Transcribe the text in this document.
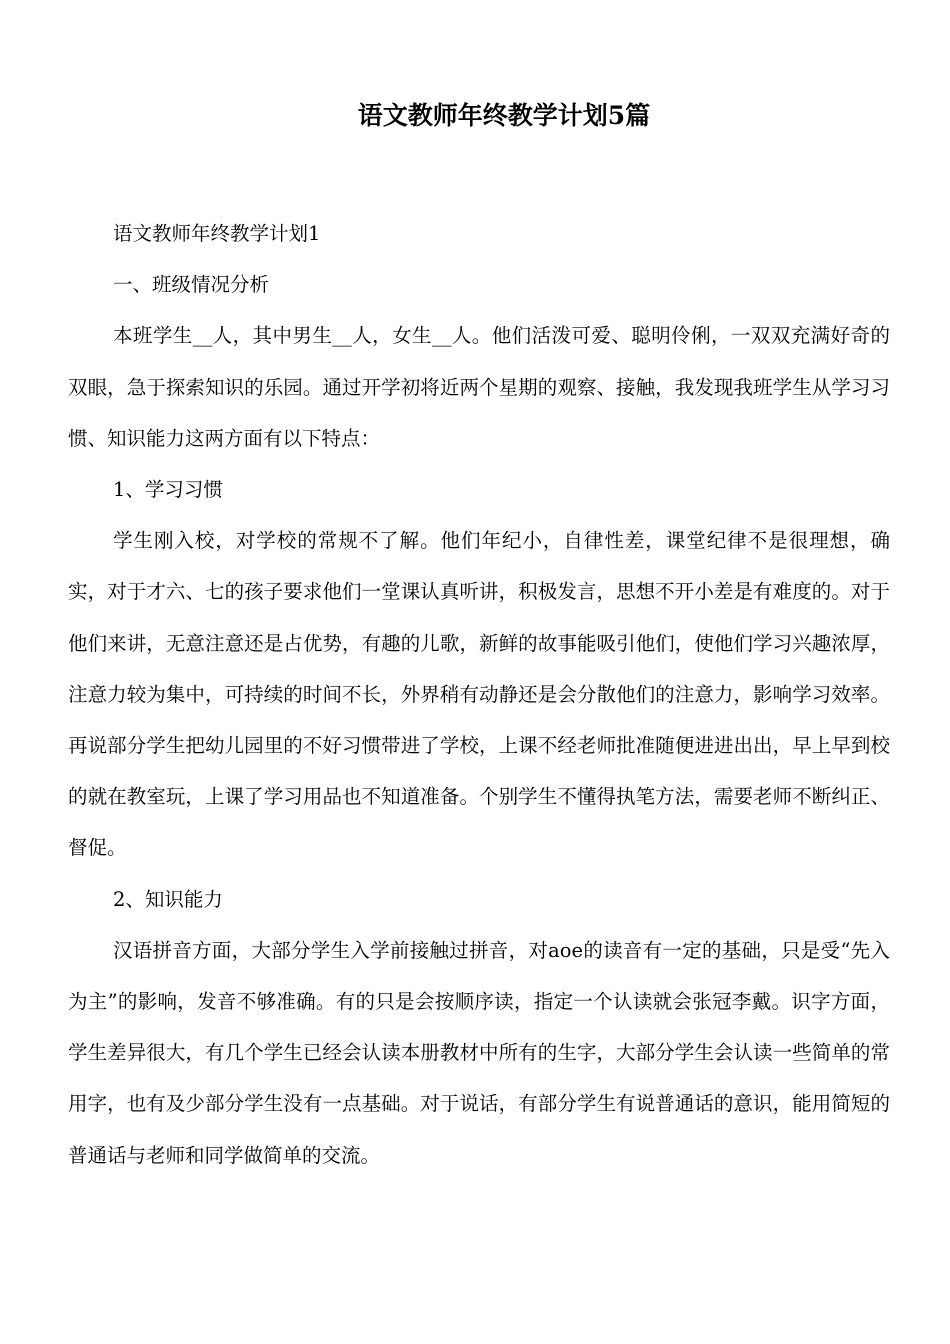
语文教师年终教学计划5篇

语文教师年终教学计划1

一、班级情况分析

本班学生__人，其中男生__人，女生__人。他们活泼可爱、聪明伶俐，一双双充满好奇的双眼，急于探索知识的乐园。通过开学初将近两个星期的观察、接触，我发现我班学生从学习习惯、知识能力这两方面有以下特点：

1、学习习惯

学生刚入校，对学校的常规不了解。他们年纪小，自律性差，课堂纪律不是很理想，确实，对于才六、七的孩子要求他们一堂课认真听讲，积极发言，思想不开小差是有难度的。对于他们来讲，无意注意还是占优势，有趣的儿歌，新鲜的故事能吸引他们，使他们学习兴趣浓厚，注意力较为集中，可持续的时间不长，外界稍有动静还是会分散他们的注意力，影响学习效率。再说部分学生把幼儿园里的不好习惯带进了学校，上课不经老师批准随便进进出出，早上早到校的就在教室玩，上课了学习用品也不知道准备。个别学生不懂得执笔方法，需要老师不断纠正、督促。

2、知识能力

汉语拼音方面，大部分学生入学前接触过拼音，对aoe的读音有一定的基础，只是受“先入为主”的影响，发音不够准确。有的只是会按顺序读，指定一个认读就会张冠李戴。识字方面，学生差异很大，有几个学生已经会认读本册教材中所有的生字，大部分学生会认读一些简单的常用字，也有及少部分学生没有一点基础。对于说话，有部分学生有说普通话的意识，能用简短的普通话与老师和同学做简单的交流。
